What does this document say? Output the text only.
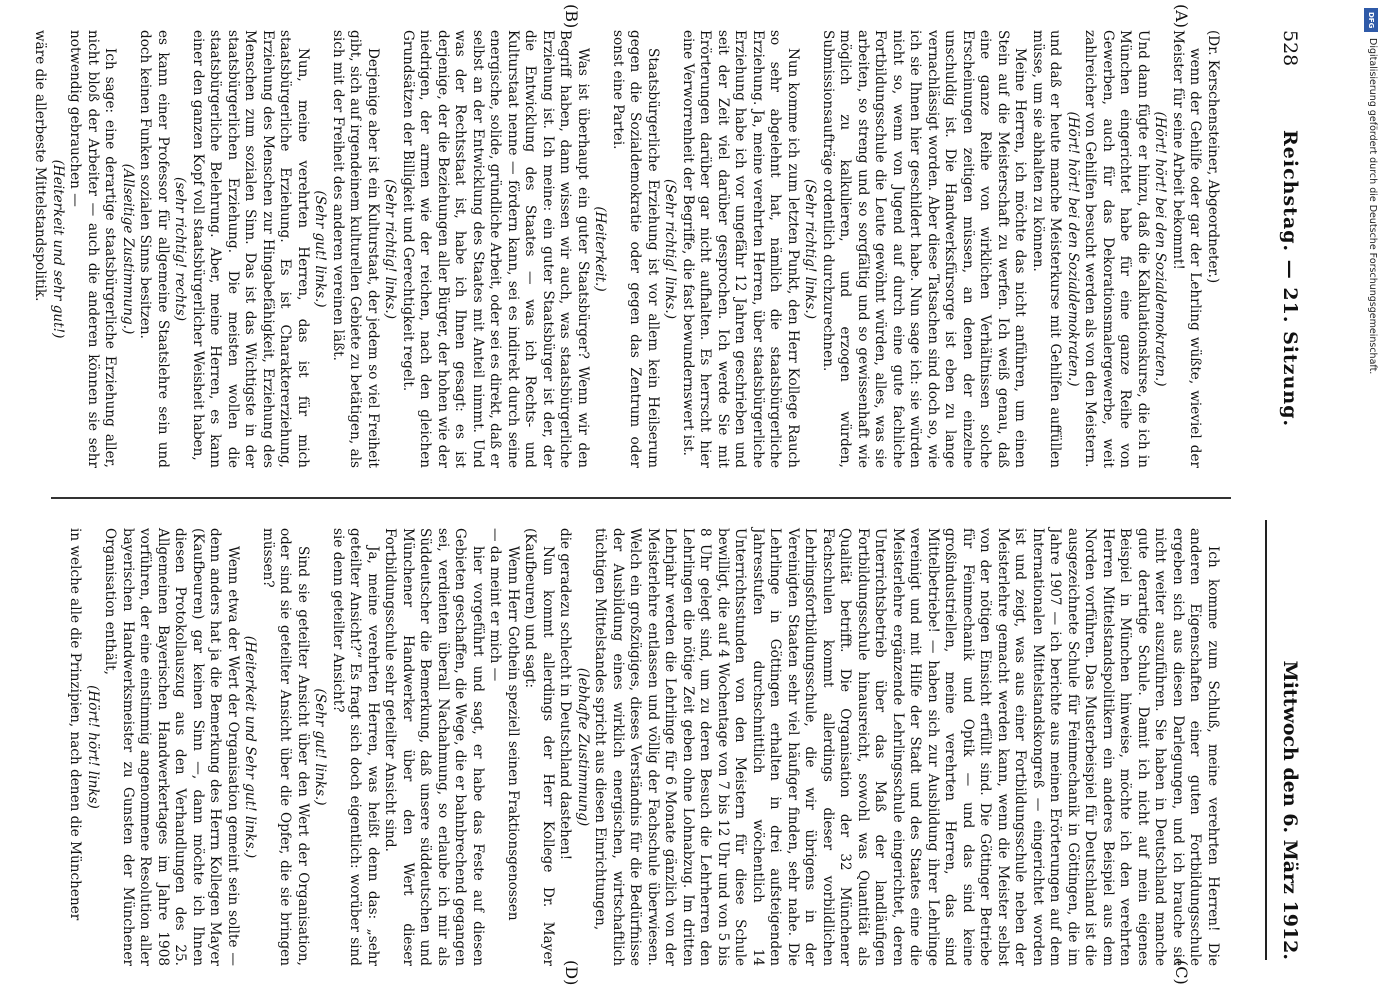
528
Reichstag. — 21. Sitzung.
Mittwoch den 6. März 1912.
(A)
(B)
(C)
(D)

(Dr. Kerschensteiner, Abgeordneter.)

wenn der Gehilfe oder gar der Lehrling wüßte, wieviel der Meister für seine Arbeit bekommt!

(Hört! hört! bei den Sozialdemokraten.)

Und dann fügte er hinzu, daß die Kalkulationskurse, die ich in München eingerichtet habe für eine ganze Reihe von Gewerben, auch für das Dekorationsmalergewerbe, weit zahlreicher von Gehilfen besucht werden als von den Meistern.

(Hört! hört! bei den Sozialdemokraten.)

und daß er heute manche Meisterkurse mit Gehilfen auffüllen müsse, um sie abhalten zu können.

Meine Herren, ich möchte das nicht anführen, um einen Stein auf die Meisterschaft zu werfen. Ich weiß genau, daß eine ganze Reihe von wirklichen Verhältnissen solche Erscheinungen zeitigen müssen, an denen der einzelne unschuldig ist. Die Handwerksfürsorge ist eben zu lange vernachlässigt worden. Aber diese Tatsachen sind doch so, wie ich sie Ihnen hier geschildert habe. Nun sage ich: sie würden nicht so, wenn von Jugend auf durch eine gute fachliche Fortbildungsschule die Leute gewöhnt würden, alles, was sie arbeiten, so streng und so sorgfältig und so gewissenhaft wie möglich zu kalkulieren, und erzogen würden, Submissionsaufträge ordentlich durchzurechnen.

(Sehr richtig! links.)

Nun komme ich zum letzten Punkt, den Herr Kollege Rauch so sehr abgelehnt hat, nämlich die staatsbürgerliche Erziehung. Ja, meine verehrten Herren, über staatsbürgerliche Erziehung habe ich vor ungefähr 12 Jahren geschrieben und seit der Zeit viel darüber gesprochen. Ich werde Sie mit Erörterungen darüber gar nicht aufhalten. Es herrscht hier eine Verworrenheit der Begriffe, die fast bewundernswert ist.

(Sehr richtig! links.)

Staatsbürgerliche Erziehung ist vor allem kein Heilserum gegen die Sozialdemokratie oder gegen das Zentrum oder sonst eine Partei.

(Heiterkeit.)

Was ist überhaupt ein guter Staatsbürger? Wenn wir den Begriff haben, dann wissen wir auch, was staatsbürgerliche Erziehung ist. Ich meine: ein guter Staatsbürger ist der, der die Entwicklung des Staates — was ich Rechts- und Kulturstaat nenne — fördern kann, sei es indirekt durch seine energische, solide, gründliche Arbeit, oder sei es direkt, daß er selbst an der Entwicklung des Staates mit Anteil nimmt. Und was der Rechtsstaat ist, habe ich Ihnen gesagt: es ist derjenige, der die Beziehungen aller Bürger, der hohen wie der niedrigen, der armen wie der reichen, nach den gleichen Grundsätzen der Billigkeit und Gerechtigkeit regelt.

(Sehr richtig! links.)

Derjenige aber ist ein Kulturstaat, der jedem so viel Freiheit gibt, sich auf irgendeinem kulturellen Gebiete zu betätigen, als sich mit der Freiheit des anderen vereinen läßt.

(Sehr gut! links.)

Nun, meine verehrten Herren, das ist für mich staatsbürgerliche Erziehung. Es ist Charaktererziehung, Erziehung des Menschen zur Hingabefähigkeit, Erziehung des Menschen zum sozialen Sinn. Das ist das Wichtigste in der staatsbürgerlichen Erziehung. Die meisten wollen die staatsbürgerliche Belehrung. Aber, meine Herren, es kann einer den ganzen Kopf voll staatsbürgerlicher Weisheit haben,

(sehr richtig! rechts)

es kann einer Professor für allgemeine Staatslehre sein und doch keinen Funken sozialen Sinns besitzen.

(Allseitige Zustimmung.)

Ich sage: eine derartige staatsbürgerliche Erziehung aller, nicht bloß der Arbeiter — auch die anderen können sie sehr notwendig gebrauchen —

(Heiterkeit und sehr gut!)

wäre die allerbeste Mittelstandspolitik.

Ich komme zum Schluß, meine verehrten Herren! Die anderen Eigenschaften einer guten Fortbildungsschule ergeben sich aus diesen Darlegungen, und ich brauche sie nicht weiter auszuführen. Sie haben in Deutschland manche gute derartige Schule. Damit ich nicht auf mein eigenes Beispiel in München hinweise, möchte ich den verehrten Herren Mittelstandspolitikern ein anderes Beispiel aus dem Norden vorführen. Das Musterbeispiel für Deutschland ist die ausgezeichnete Schule für Feinmechanik in Göttingen, die im Jahre 1907 — ich berichte aus meinen Erörterungen auf dem Internationalen Mittelstandskongreß — eingerichtet worden ist und zeigt, was aus einer Fortbildungsschule neben der Meisterlehre gemacht werden kann, wenn die Meister selbst von der nötigen Einsicht erfüllt sind. Die Göttinger Betriebe für Feinmechanik und Optik — und das sind keine großindustriellen, meine verehrten Herren, das sind Mittelbetriebe! — haben sich zur Ausbildung ihrer Lehrlinge vereinigt und mit Hilfe der Stadt und des Staates eine die Meisterlehre ergänzende Lehrlingsschule eingerichtet, deren Unterrichtsbetrieb über das Maß der landläufigen Fortbildungsschule hinausreicht, sowohl was Quantität als Qualität betrifft. Die Organisation der 32 Münchener Fachschulen kommt allerdings dieser vorbildlichen Lehrlingsfortbildungsschule, die wir übrigens in der Vereinigten Staaten sehr viel häufiger finden, sehr nahe. Die Lehrlinge in Göttingen erhalten in drei aufsteigenden Jahresstufen durchschnittlich wöchentlich 14 Unterrichtsstunden von den Meistern für diese Schule bewilligt, die auf 4 Wochentage von 7 bis 12 Uhr und von 5 bis 8 Uhr gelegt sind, um zu deren Besuch die Lehrherren den Lehrlingen die nötige Zeit geben ohne Lohnabzug. Im dritten Lehrjahr werden die Lehrlinge für 6 Monate gänzlich von der Meisterlehre entlassen und völlig der Fachschule überwiesen. Welch ein großzügiges, dieses Verständnis für die Bedürfnisse der Ausbildung eines wirklich energischen, wirtschaftlich tüchtigen Mittelstandes spricht aus diesen Einrichtungen,

(lebhafte Zustimmung)

die geradezu schlecht in Deutschland dastehen!

Nun kommt allerdings der Herr Kollege Dr. Mayer (Kaufbeuren) und sagt:

Wenn Herr Gothein speziell seinen Fraktionsgenossen

— da meint er mich —

hier vorgeführt und sagt, er habe das Feste auf diesen Gebieten geschaffen, die Wege, die er bahnbrechend gegangen sei, verdienten überall Nachahmung, so erlaube ich mir als Süddeutscher die Bemerkung, daß unsere süddeutschen und Münchener Handwerker über den Wert dieser Fortbildungsschule sehr geteilter Ansicht sind.

Ja, meine verehrten Herren, was heißt denn das: „sehr geteilter Ansicht?“ Es fragt sich doch eigentlich: worüber sind sie denn geteilter Ansicht?

(Sehr gut! links.)

Sind sie geteilter Ansicht über den Wert der Organisation, oder sind sie geteilter Ansicht über die Opfer, die sie bringen müssen?

(Heiterkeit und Sehr gut! links.)

Wenn etwa der Wert der Organisation gemeint sein sollte — denn anders hat ja die Bemerkung des Herrn Kollegen Mayer (Kaufbeuren) gar keinen Sinn —, dann möchte ich Ihnen diesen Protokollauszug aus den Verhandlungen des 25. Allgemeinen Bayerischen Handwerkertages im Jahre 1908 vorführen, der eine einstimmig angenommene Resolution aller bayerischen Handwerksmeister zu Gunsten der Münchener Organisation enthält,

(Hört! hört! links)

in welche alle die Prinzipien, nach denen die Münchener

DFG
Digitalisierung gefördert durch die Deutsche Forschungsgemeinschaft.
